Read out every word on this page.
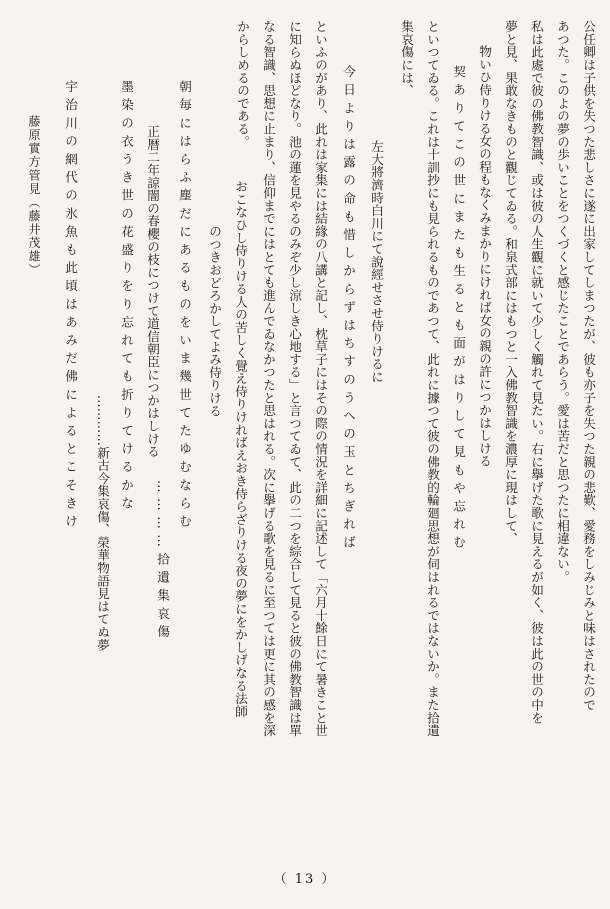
公任卿は子供を失つた悲しさに遂に出家してしまつたが、彼も亦子を失つた親の悲歎、愛務をしみじみと味はされたので
あつた。このよの夢の歩いことをつくづくと感じたことであらう。愛は苦だと思つたに相違ない。
私は此處で彼の佛教智識、或は彼の人生觀に就いて少しく觸れて見たい。右に擧げた歌に見えるが如く、彼は此の世の中を
夢と見、果敢なきものと觀じてゐる。和泉式部にはもつと一入佛教智識を濃厚に現はして、
物いひ侍りける女の程もなくみまかりにければ女の親の許につかはしける
契ありてこの世にまたも生るとも面がはりして見もや忘れむ
といつてゐる。これは十訓抄にも見られるものであつて、此れに據つて彼の佛教的輪廻思想が伺はれるではないか。また拾遺
集哀傷には、
左大將濟時白川にて說經せさせ侍りけるに
今日よりは露の命も惜しからずはちすのうへの玉とちぎれば
といふのがあり、此れは家集には結緣の八講と記し、枕草子にはその際の情況を詳細に記述して「六月十餘日にて暑きこと世
に知らぬほどなり。池の蓮を見やるのみぞ少し涼しき心地する」と言つてゐて、此の二つを綜合して見ると彼の佛教智識は單
なる智識、思想に止まり、信仰までにはとても進んでゐなかつたと思はれる。次に擧げる歌を見るに至つては更に其の感を深
からしめるのである。
おこなひし侍りける人の苦しく覺え侍りければえおき侍らざりける夜の夢にをかしげなる法師
のつきおどろかしてよみ侍りける
朝毎にはらふ塵だにあるものをいま幾世てたゆむならむ
…………拾遺集哀傷
正暦二年諒闇の春櫻の枝につけて道信朝臣につかはしける
墨染の衣うき世の花盛りをり忘れても折りてけるかな
…………新古今集哀傷、榮華物語見はてぬ夢
宇治川の網代の氷魚も此頃はあみだ佛によるとこそきけ
藤原實方管見（藤井茂雄）
（ 13 ）
